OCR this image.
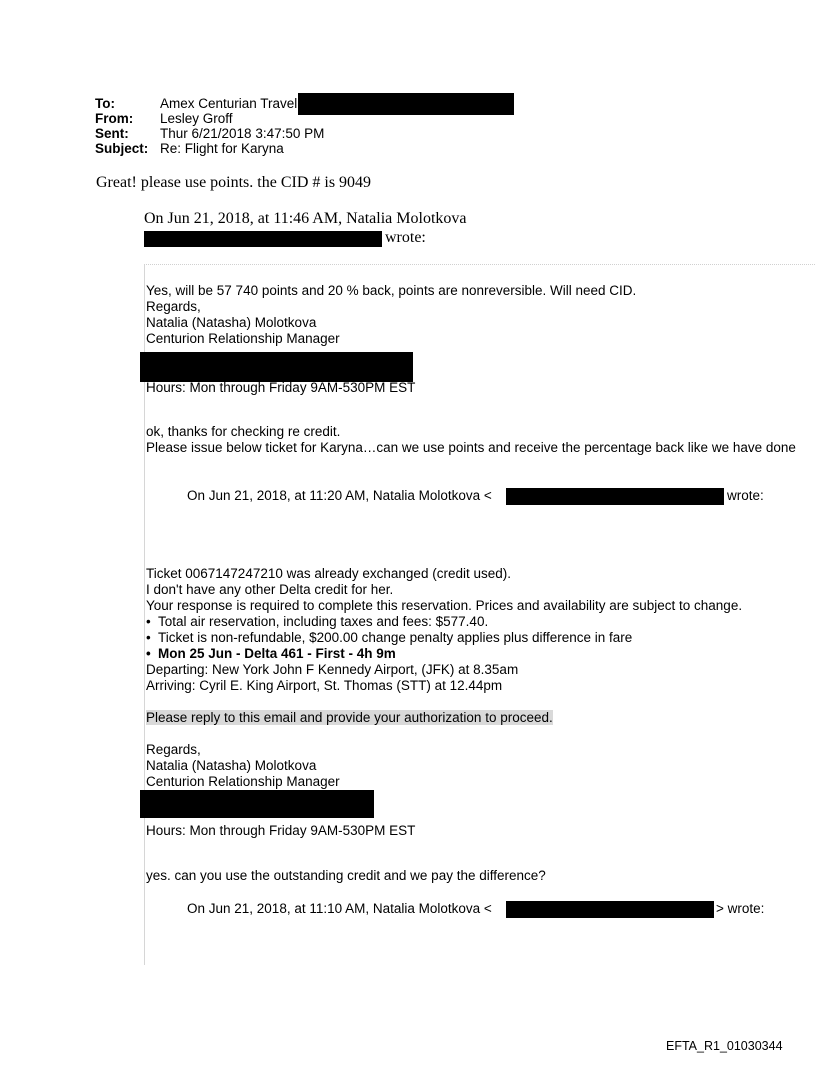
To:	Amex Centurian Travel
From: Lesley Groff
Sent: Thur 6/21/2018 3:47:50 PM
Subject: Re: Flight for Karyna
Great! please use points. the CID # is 9049
On Jun 21, 2018, at 11:46 AM, Natalia Molotkova
wrote:
Yes, will be 57 740 points and 20 % back, points are nonreversible. Will need CID.
Regards,
Natalia (Natasha) Molotkova
Centurion Relationship Manager
Hours: Mon through Friday 9AM-530PM EST
ok, thanks for checking re credit.
Please issue below ticket for Karyna…can we use points and receive the percentage back like we have done
On Jun 21, 2018, at 11:20 AM, Natalia Molotkova <	wrote:
Ticket 0067147247210 was already exchanged (credit used).
I don't have any other Delta credit for her.
Your response is required to complete this reservation. Prices and availability are subject to change.
• Total air reservation, including taxes and fees: $577.40.
• Ticket is non-refundable, $200.00 change penalty applies plus difference in fare
• Mon 25 Jun - Delta 461 - First - 4h 9m
Departing: New York John F Kennedy Airport, (JFK) at 8.35am
Arriving: Cyril E. King Airport, St. Thomas (STT) at 12.44pm
Please reply to this email and provide your authorization to proceed.
Regards,
Natalia (Natasha) Molotkova
Centurion Relationship Manager
Hours: Mon through Friday 9AM-530PM EST
yes. can you use the outstanding credit and we pay the difference?
On Jun 21, 2018, at 11:10 AM, Natalia Molotkova <	> wrote:
EFTA_R1_01030344
